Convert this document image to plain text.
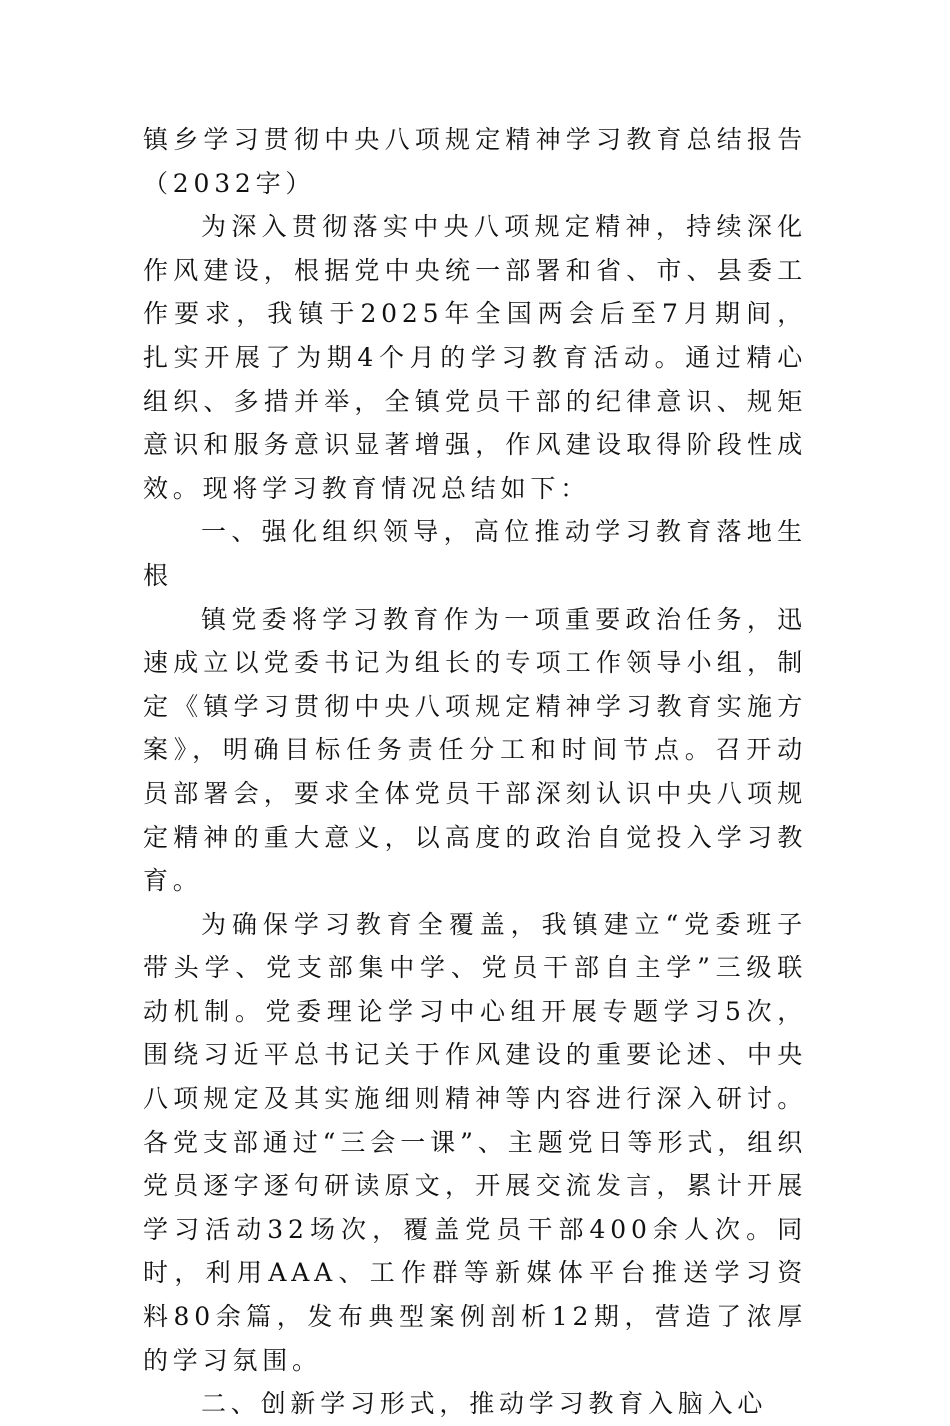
镇乡学习贯彻中央八项规定精神学习教育总结报告（2032字）

为深入贯彻落实中央八项规定精神，持续深化作风建设，根据党中央统一部署和省、市、县委工作要求，我镇于2025年全国两会后至7月期间，扎实开展了为期4个月的学习教育活动。通过精心组织、多措并举，全镇党员干部的纪律意识、规矩意识和服务意识显著增强，作风建设取得阶段性成效。现将学习教育情况总结如下：

一、强化组织领导，高位推动学习教育落地生根

镇党委将学习教育作为一项重要政治任务，迅速成立以党委书记为组长的专项工作领导小组，制定《镇学习贯彻中央八项规定精神学习教育实施方案》，明确目标任务责任分工和时间节点。召开动员部署会，要求全体党员干部深刻认识中央八项规定精神的重大意义，以高度的政治自觉投入学习教育。

为确保学习教育全覆盖，我镇建立“党委班子带头学、党支部集中学、党员干部自主学”三级联动机制。党委理论学习中心组开展专题学习5次，围绕习近平总书记关于作风建设的重要论述、中央八项规定及其实施细则精神等内容进行深入研讨。各党支部通过“三会一课”、主题党日等形式，组织党员逐字逐句研读原文，开展交流发言，累计开展学习活动32场次，覆盖党员干部400余人次。同时，利用AAA、工作群等新媒体平台推送学习资料80余篇，发布典型案例剖析12期，营造了浓厚的学习氛围。

二、创新学习形式，推动学习教育入脑入心
